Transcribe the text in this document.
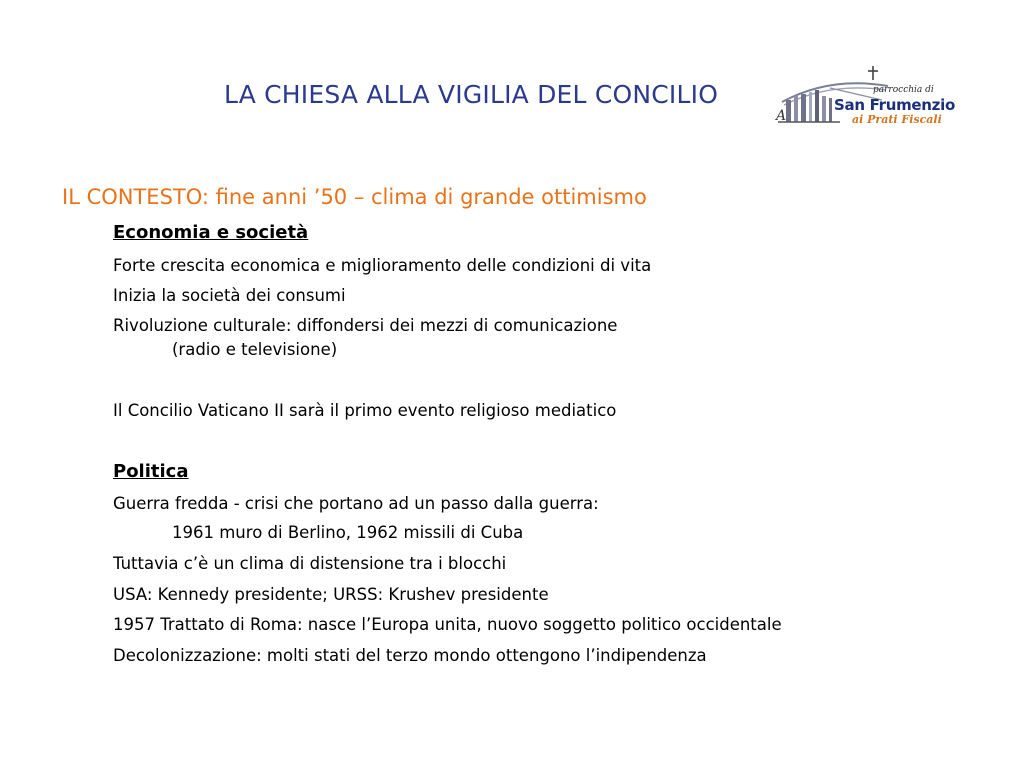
LA CHIESA ALLA VIGILIA DEL CONCILIO
A
parrocchia di
San Frumenzio
ai Prati Fiscali
IL CONTESTO: fine anni ’50 – clima di grande ottimismo
Economia e società
Forte crescita economica e miglioramento delle condizioni di vita
Inizia la società dei consumi
Rivoluzione culturale: diffondersi dei mezzi di comunicazione
(radio e televisione)
Il Concilio Vaticano II sarà il primo evento religioso mediatico
Politica
Guerra fredda - crisi che portano ad un passo dalla guerra:
1961 muro di Berlino, 1962 missili di Cuba
Tuttavia c’è un clima di distensione tra i blocchi
USA: Kennedy presidente; URSS: Krushev presidente
1957 Trattato di Roma: nasce l’Europa unita, nuovo soggetto politico occidentale
Decolonizzazione: molti stati del terzo mondo ottengono l’indipendenza
